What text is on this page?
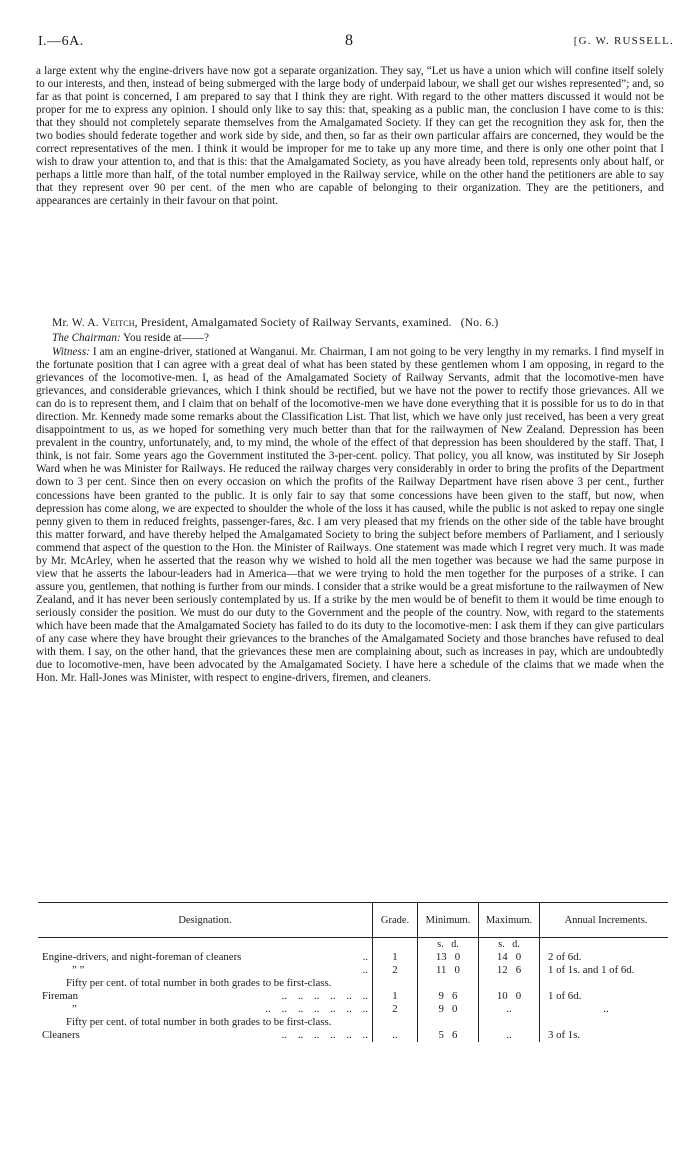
I.—6A.	8	[G. W. RUSSELL.

a large extent why the engine-drivers have now got a separate organization. They say, “Let us have a union which will confine itself solely to our interests, and then, instead of being submerged with the large body of underpaid labour, we shall get our wishes represented”; and, so far as that point is concerned, I am prepared to say that I think they are right. With regard to the other matters discussed it would not be proper for me to express any opinion. I should only like to say this: that, speaking as a public man, the conclusion I have come to is this: that they should not completely separate themselves from the Amalgamated Society. If they can get the recognition they ask for, then the two bodies should federate together and work side by side, and then, so far as their own particular affairs are concerned, they would be the correct representatives of the men. I think it would be improper for me to take up any more time, and there is only one other point that I wish to draw your attention to, and that is this: that the Amalgamated Society, as you have already been told, represents only about half, or perhaps a little more than half, of the total number employed in the Railway service, while on the other hand the petitioners are able to say that they represent over 90 per cent. of the men who are capable of belonging to their organization. They are the petitioners, and appearances are certainly in their favour on that point.

Mr. W. A. Veitch, President, Amalgamated Society of Railway Servants, examined. (No. 6.)

The Chairman: You reside at——?

Witness: I am an engine-driver, stationed at Wanganui. Mr. Chairman, I am not going to be very lengthy in my remarks. I find myself in the fortunate position that I can agree with a great deal of what has been stated by these gentlemen whom I am opposing, in regard to the grievances of the locomotive-men. I, as head of the Amalgamated Society of Railway Servants, admit that the locomotive-men have grievances, and considerable grievances, which I think should be rectified, but we have not the power to rectify those grievances. All we can do is to represent them, and I claim that on behalf of the locomotive-men we have done everything that it is possible for us to do in that direction. Mr. Kennedy made some remarks about the Classification List. That list, which we have only just received, has been a very great disappointment to us, as we hoped for something very much better than that for the railwaymen of New Zealand. Depression has been prevalent in the country, unfortunately, and, to my mind, the whole of the effect of that depression has been shouldered by the staff. That, I think, is not fair. Some years ago the Government instituted the 3-per-cent. policy. That policy, you all know, was instituted by Sir Joseph Ward when he was Minister for Railways. He reduced the railway charges very considerably in order to bring the profits of the Department down to 3 per cent. Since then on every occasion on which the profits of the Railway Department have risen above 3 per cent., further concessions have been granted to the public. It is only fair to say that some concessions have been given to the staff, but now, when depression has come along, we are expected to shoulder the whole of the loss it has caused, while the public is not asked to repay one single penny given to them in reduced freights, passenger-fares, &c. I am very pleased that my friends on the other side of the table have brought this matter forward, and have thereby helped the Amalgamated Society to bring the subject before members of Parliament, and I seriously commend that aspect of the question to the Hon. the Minister of Railways. One statement was made which I regret very much. It was made by Mr. McArley, when he asserted that the reason why we wished to hold all the men together was because we had the same purpose in view that he asserts the labour-leaders had in America—that we were trying to hold the men together for the purposes of a strike. I can assure you, gentlemen, that nothing is further from our minds. I consider that a strike would be a great misfortune to the railwaymen of New Zealand, and it has never been seriously contemplated by us. If a strike by the men would be of benefit to them it would be time enough to seriously consider the position. We must do our duty to the Government and the people of the country. Now, with regard to the statements which have been made that the Amalgamated Society has failed to do its duty to the locomotive-men: I ask them if they can give particulars of any case where they have brought their grievances to the branches of the Amalgamated Society and those branches have refused to deal with them. I say, on the other hand, that the grievances these men are complaining about, such as increases in pay, which are undoubtedly due to locomotive-men, have been advocated by the Amalgamated Society. I have here a schedule of the claims that we made when the Hon. Mr. Hall-Jones was Minister, with respect to engine-drivers, firemen, and cleaners.

Designation.	Grade.	Minimum.	Maximum.	Annual Increments.
		s. d.	s. d.	
Engine-drivers, and night-foreman of cleaners ..	1	13 0	14 0	2 of 6d.
” ” ..	2	11 0	12 6	1 of 1s. and 1 of 6d.
Fifty per cent. of total number in both grades to be first-class.				
Fireman ..    ..    ..    ..    ..    ..	1	9 6	10 0	1 of 6d.
” ..    ..    ..    ..    ..    ..    ..	2	9 0	..	..
Fifty per cent. of total number in both grades to be first-class.				
Cleaners ..    ..    ..    ..    ..    ..	..	5 6	..	3 of 1s.
